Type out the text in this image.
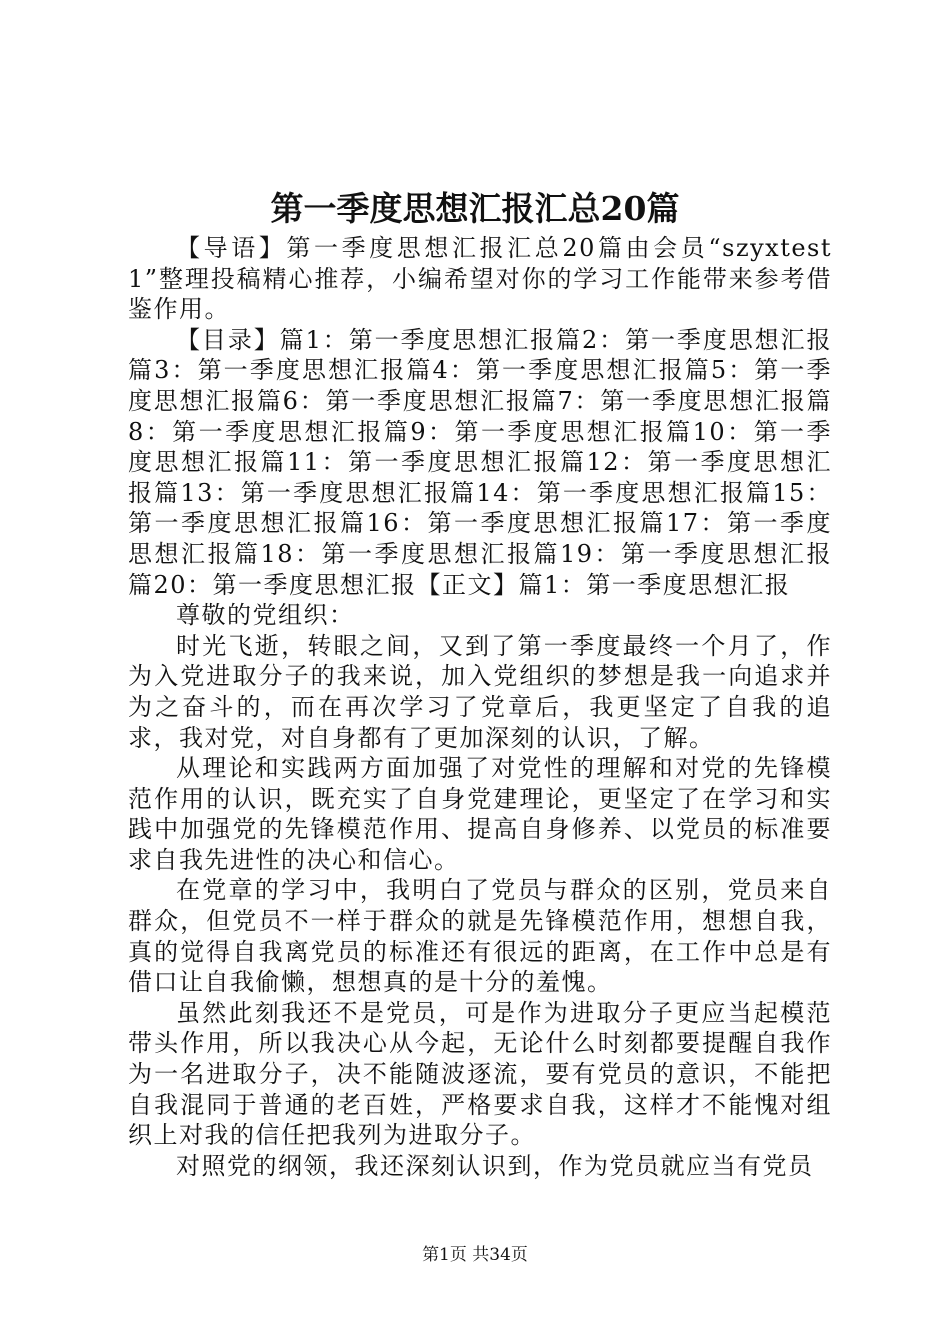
第一季度思想汇报汇总20篇

【导语】第一季度思想汇报汇总20篇由会员“szyxtest1”整理投稿精心推荐，小编希望对你的学习工作能带来参考借鉴作用。

【目录】篇1：第一季度思想汇报篇2：第一季度思想汇报篇3：第一季度思想汇报篇4：第一季度思想汇报篇5：第一季度思想汇报篇6：第一季度思想汇报篇7：第一季度思想汇报篇8：第一季度思想汇报篇9：第一季度思想汇报篇10：第一季度思想汇报篇11：第一季度思想汇报篇12：第一季度思想汇报篇13：第一季度思想汇报篇14：第一季度思想汇报篇15：第一季度思想汇报篇16：第一季度思想汇报篇17：第一季度思想汇报篇18：第一季度思想汇报篇19：第一季度思想汇报篇20：第一季度思想汇报【正文】篇1：第一季度思想汇报

尊敬的党组织：

时光飞逝，转眼之间，又到了第一季度最终一个月了，作为入党进取分子的我来说，加入党组织的梦想是我一向追求并为之奋斗的，而在再次学习了党章后，我更坚定了自我的追求，我对党，对自身都有了更加深刻的认识，了解。

从理论和实践两方面加强了对党性的理解和对党的先锋模范作用的认识，既充实了自身党建理论，更坚定了在学习和实践中加强党的先锋模范作用、提高自身修养、以党员的标准要求自我先进性的决心和信心。

在党章的学习中，我明白了党员与群众的区别，党员来自群众，但党员不一样于群众的就是先锋模范作用，想想自我，真的觉得自我离党员的标准还有很远的距离，在工作中总是有借口让自我偷懒，想想真的是十分的羞愧。

虽然此刻我还不是党员，可是作为进取分子更应当起模范带头作用，所以我决心从今起，无论什么时刻都要提醒自我作为一名进取分子，决不能随波逐流，要有党员的意识，不能把自我混同于普通的老百姓，严格要求自我，这样才不能愧对组织上对我的信任把我列为进取分子。

对照党的纲领，我还深刻认识到，作为党员就应当有党员

第1页 共34页
